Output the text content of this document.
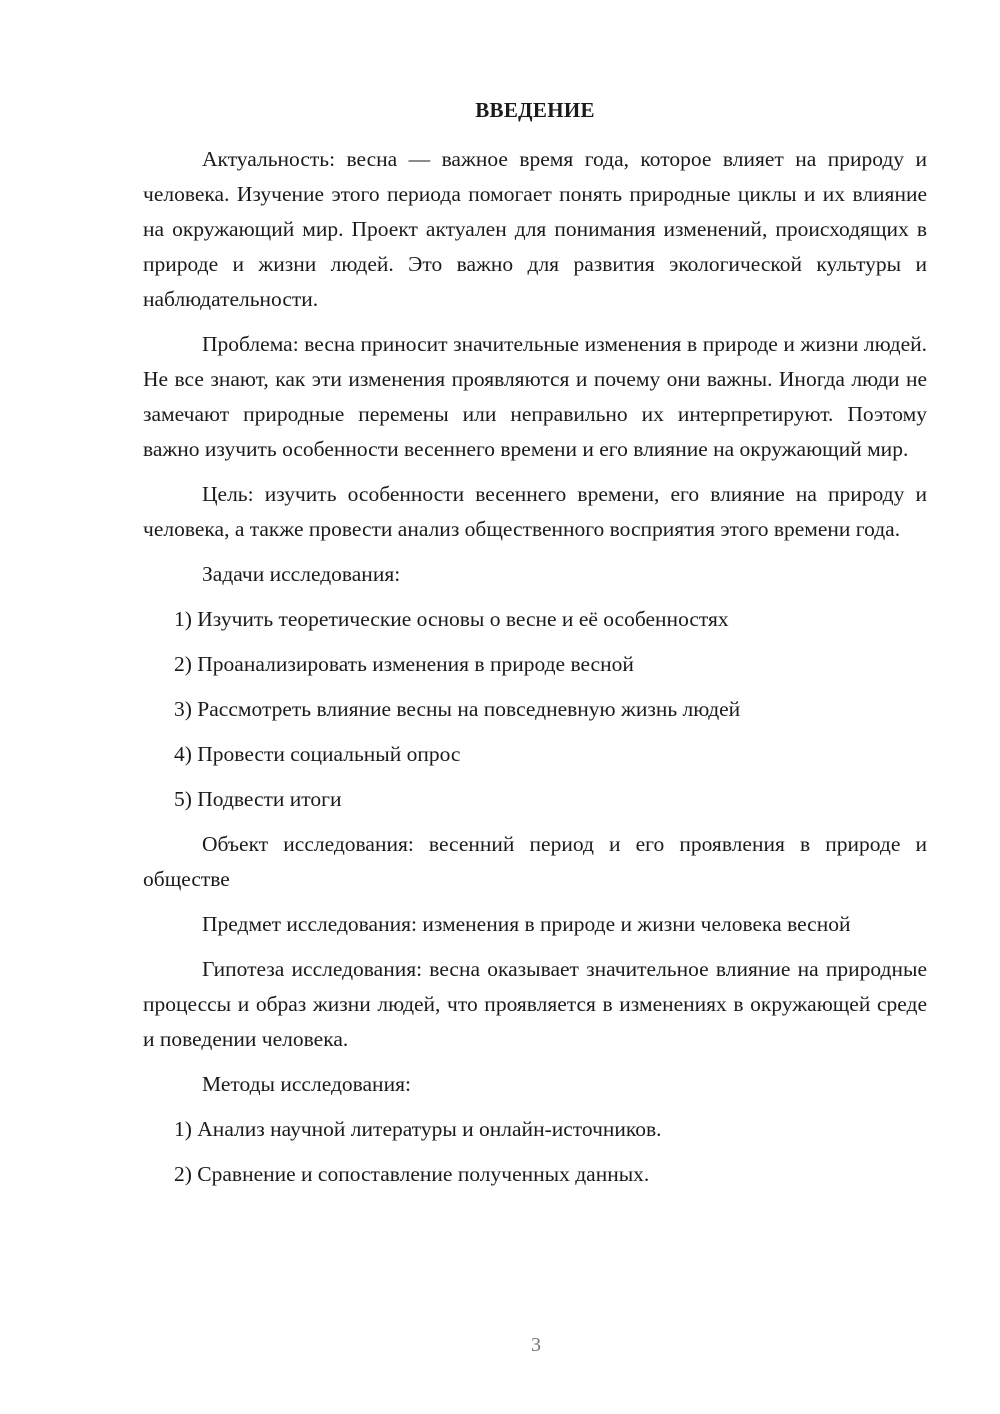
ВВЕДЕНИЕ

Актуальность: весна — важное время года, которое влияет на природу и человека. Изучение этого периода помогает понять природные циклы и их влияние на окружающий мир. Проект актуален для понимания изменений, происходящих в природе и жизни людей. Это важно для развития экологической культуры и наблюдательности.

Проблема: весна приносит значительные изменения в природе и жизни людей. Не все знают, как эти изменения проявляются и почему они важны. Иногда люди не замечают природные перемены или неправильно их интерпретируют. Поэтому важно изучить особенности весеннего времени и его влияние на окружающий мир.

Цель: изучить особенности весеннего времени, его влияние на природу и человека, а также провести анализ общественного восприятия этого времени года.

Задачи исследования:

1) Изучить теоретические основы о весне и её особенностях
2) Проанализировать изменения в природе весной
3) Рассмотреть влияние весны на повседневную жизнь людей
4) Провести социальный опрос
5) Подвести итоги

Объект исследования: весенний период и его проявления в природе и обществе

Предмет исследования: изменения в природе и жизни человека весной

Гипотеза исследования: весна оказывает значительное влияние на природные процессы и образ жизни людей, что проявляется в изменениях в окружающей среде и поведении человека.

Методы исследования:

1) Анализ научной литературы и онлайн-источников.
2) Сравнение и сопоставление полученных данных.
3
